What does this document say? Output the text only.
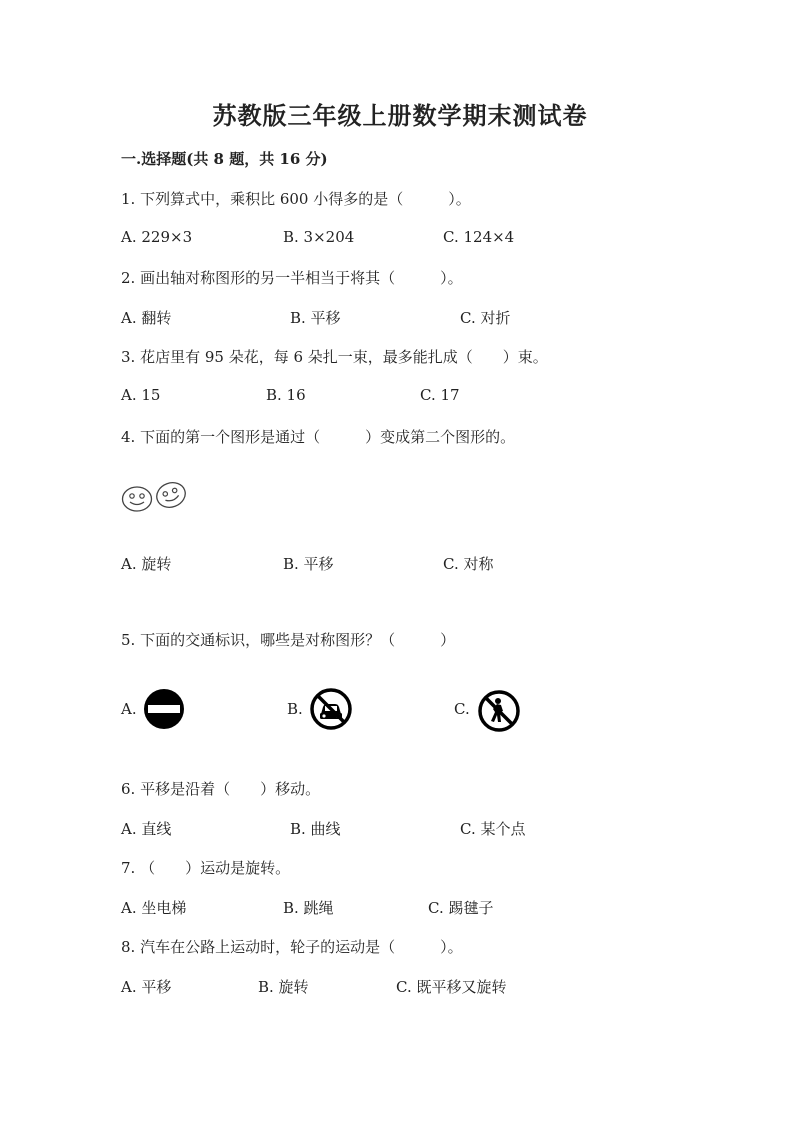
苏教版三年级上册数学期末测试卷
一.选择题(共 8 题，共 16 分)
1. 下列算式中，乘积比 600 小得多的是（　　　）。
A. 229×3	B. 3×204	C. 124×4
2. 画出轴对称图形的另一半相当于将其（　　　）。
A. 翻转	B. 平移	C. 对折
3. 花店里有 95 朵花，每 6 朵扎一束，最多能扎成（　　）束。
A. 15	B. 16	C. 17
4. 下面的第一个图形是通过（　　　）变成第二个图形的。
A. 旋转	B. 平移	C. 对称
5. 下面的交通标识，哪些是对称图形？（　　　）
A.	B.	C.
6. 平移是沿着（　　）移动。
A. 直线	B. 曲线	C. 某个点
7. （　　）运动是旋转。
A. 坐电梯	B. 跳绳	C. 踢毽子
8. 汽车在公路上运动时，轮子的运动是（　　　）。
A. 平移	B. 旋转	C. 既平移又旋转
